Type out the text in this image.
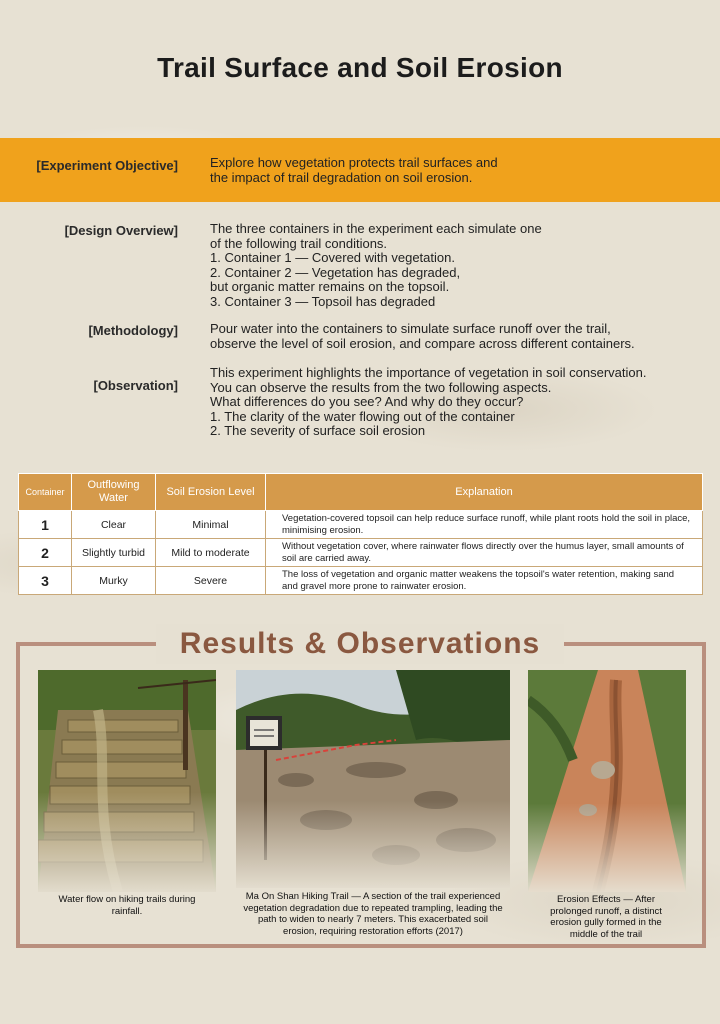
Trail Surface and Soil Erosion
[Experiment Objective] Explore how vegetation protects trail surfaces and
the impact of trail degradation on soil erosion.
[Design Overview] The three containers in the experiment each simulate one
of the following trail conditions.
1. Container 1 — Covered with vegetation.
2. Container 2 — Vegetation has degraded,
but organic matter remains on the topsoil.
3. Container 3 — Topsoil has degraded
[Methodology] Pour water into the containers to simulate surface runoff over the trail,
observe the level of soil erosion, and compare across different containers.
[Observation]
This experiment highlights the importance of vegetation in soil conservation.
You can observe the results from the two following aspects.
What differences do you see? And why do they occur?
1. The clarity of the water flowing out of the container
2. The severity of surface soil erosion
Container	Outflowing Water	Soil Erosion Level	Explanation
1	Clear	Minimal	Vegetation-covered topsoil can help reduce surface runoff, while plant roots hold the soil in place, minimising erosion.
2	Slightly turbid	Mild to moderate	Without vegetation cover, where rainwater flows directly over the humus layer, small amounts of soil are carried away.
3	Murky	Severe	The loss of vegetation and organic matter weakens the topsoil's water retention, making sand and gravel more prone to rainwater erosion.
Results & Observations
Water flow on hiking trails during rainfall.
Ma On Shan Hiking Trail — A section of the trail experienced vegetation degradation due to repeated trampling, leading the path to widen to nearly 7 meters. This exacerbated soil erosion, requiring restoration efforts (2017)
Erosion Effects — After prolonged runoff, a distinct erosion gully formed in the middle of the trail
